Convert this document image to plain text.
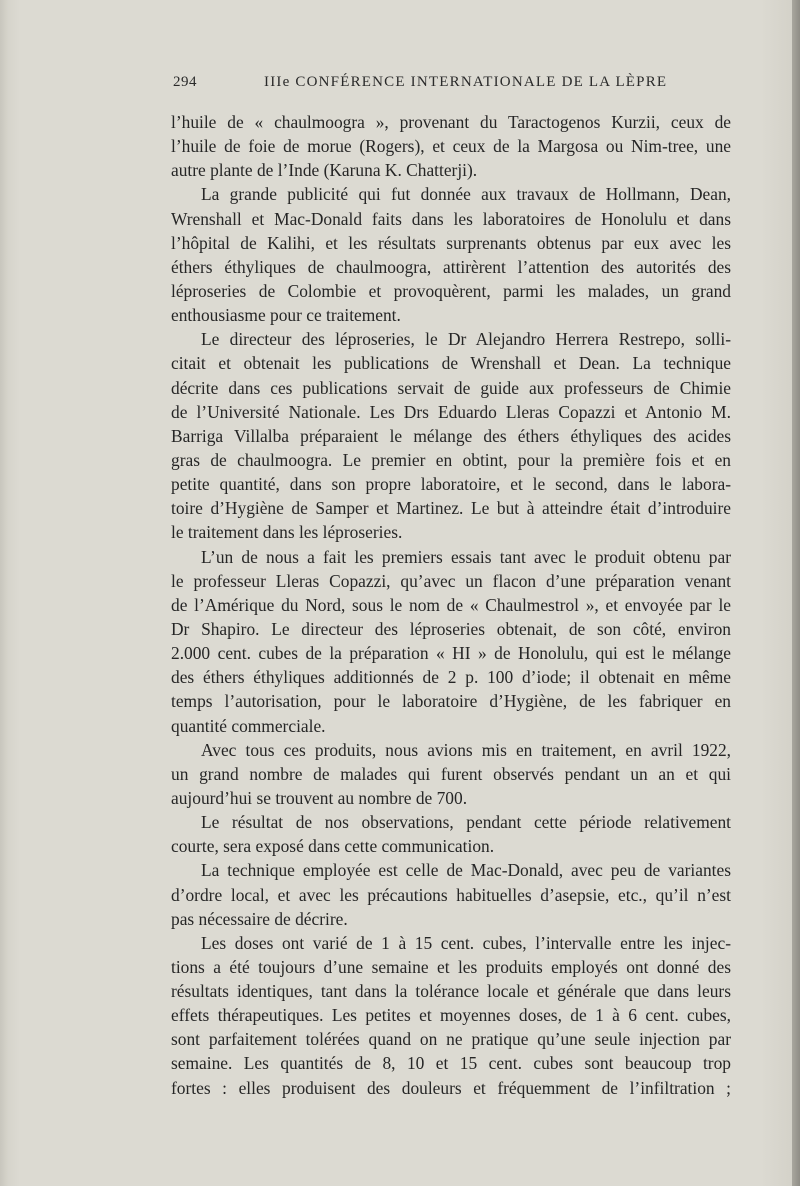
294	IIIe CONFÉRENCE INTERNATIONALE DE LA LÈPRE
l’huile de « chaulmoogra », provenant du Taractogenos Kurzii, ceux de
l’huile de foie de morue (Rogers), et ceux de la Margosa ou Nim-tree, une
autre plante de l’Inde (Karuna K. Chatterji).
La grande publicité qui fut donnée aux travaux de Hollmann, Dean,
Wrenshall et Mac-Donald faits dans les laboratoires de Honolulu et dans
l’hôpital de Kalihi, et les résultats surprenants obtenus par eux avec les
éthers éthyliques de chaulmoogra, attirèrent l’attention des autorités des
léproseries de Colombie et provoquèrent, parmi les malades, un grand
enthousiasme pour ce traitement.
Le directeur des léproseries, le Dr Alejandro Herrera Restrepo, solli-
citait et obtenait les publications de Wrenshall et Dean. La technique
décrite dans ces publications servait de guide aux professeurs de Chimie
de l’Université Nationale. Les Drs Eduardo Lleras Copazzi et Antonio M.
Barriga Villalba préparaient le mélange des éthers éthyliques des acides
gras de chaulmoogra. Le premier en obtint, pour la première fois et en
petite quantité, dans son propre laboratoire, et le second, dans le labora-
toire d’Hygiène de Samper et Martinez. Le but à atteindre était d’introduire
le traitement dans les léproseries.
L’un de nous a fait les premiers essais tant avec le produit obtenu par
le professeur Lleras Copazzi, qu’avec un flacon d’une préparation venant
de l’Amérique du Nord, sous le nom de « Chaulmestrol », et envoyée par le
Dr Shapiro. Le directeur des léproseries obtenait, de son côté, environ
2.000 cent. cubes de la préparation « HI » de Honolulu, qui est le mélange
des éthers éthyliques additionnés de 2 p. 100 d’iode; il obtenait en même
temps l’autorisation, pour le laboratoire d’Hygiène, de les fabriquer en
quantité commerciale.
Avec tous ces produits, nous avions mis en traitement, en avril 1922,
un grand nombre de malades qui furent observés pendant un an et qui
aujourd’hui se trouvent au nombre de 700.
Le résultat de nos observations, pendant cette période relativement
courte, sera exposé dans cette communication.
La technique employée est celle de Mac-Donald, avec peu de variantes
d’ordre local, et avec les précautions habituelles d’asepsie, etc., qu’il n’est
pas nécessaire de décrire.
Les doses ont varié de 1 à 15 cent. cubes, l’intervalle entre les injec-
tions a été toujours d’une semaine et les produits employés ont donné des
résultats identiques, tant dans la tolérance locale et générale que dans leurs
effets thérapeutiques. Les petites et moyennes doses, de 1 à 6 cent. cubes,
sont parfaitement tolérées quand on ne pratique qu’une seule injection par
semaine. Les quantités de 8, 10 et 15 cent. cubes sont beaucoup trop
fortes : elles produisent des douleurs et fréquemment de l’infiltration ;
